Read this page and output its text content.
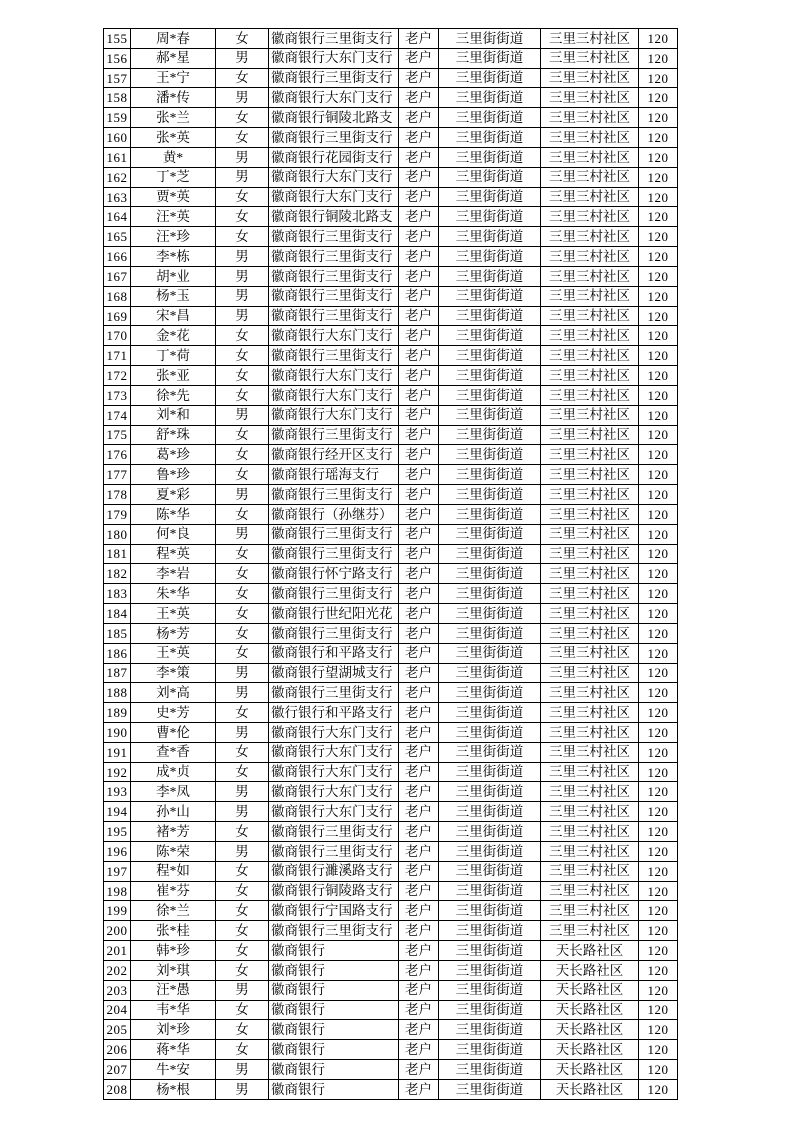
155	周*春	女	徽商银行三里街支行	老户	三里街街道	三里三村社区	120
156	郝*星	男	徽商银行大东门支行	老户	三里街街道	三里三村社区	120
157	王*宁	女	徽商银行三里街支行	老户	三里街街道	三里三村社区	120
158	潘*传	男	徽商银行大东门支行	老户	三里街街道	三里三村社区	120
159	张*兰	女	徽商银行铜陵北路支	老户	三里街街道	三里三村社区	120
160	张*英	女	徽商银行三里街支行	老户	三里街街道	三里三村社区	120
161	黄*	男	徽商银行花园街支行	老户	三里街街道	三里三村社区	120
162	丁*芝	男	徽商银行大东门支行	老户	三里街街道	三里三村社区	120
163	贾*英	女	徽商银行大东门支行	老户	三里街街道	三里三村社区	120
164	汪*英	女	徽商银行铜陵北路支	老户	三里街街道	三里三村社区	120
165	汪*珍	女	徽商银行三里街支行	老户	三里街街道	三里三村社区	120
166	李*栋	男	徽商银行三里街支行	老户	三里街街道	三里三村社区	120
167	胡*业	男	徽商银行三里街支行	老户	三里街街道	三里三村社区	120
168	杨*玉	男	徽商银行三里街支行	老户	三里街街道	三里三村社区	120
169	宋*昌	男	徽商银行三里街支行	老户	三里街街道	三里三村社区	120
170	金*花	女	徽商银行大东门支行	老户	三里街街道	三里三村社区	120
171	丁*荷	女	徽商银行三里街支行	老户	三里街街道	三里三村社区	120
172	张*亚	女	徽商银行大东门支行	老户	三里街街道	三里三村社区	120
173	徐*先	女	徽商银行大东门支行	老户	三里街街道	三里三村社区	120
174	刘*和	男	徽商银行大东门支行	老户	三里街街道	三里三村社区	120
175	舒*珠	女	徽商银行三里街支行	老户	三里街街道	三里三村社区	120
176	葛*珍	女	徽商银行经开区支行	老户	三里街街道	三里三村社区	120
177	鲁*珍	女	徽商银行瑶海支行	老户	三里街街道	三里三村社区	120
178	夏*彩	男	徽商银行三里街支行	老户	三里街街道	三里三村社区	120
179	陈*华	女	徽商银行（孙继芬）	老户	三里街街道	三里三村社区	120
180	何*良	男	徽商银行三里街支行	老户	三里街街道	三里三村社区	120
181	程*英	女	徽商银行三里街支行	老户	三里街街道	三里三村社区	120
182	李*岩	女	徽商银行怀宁路支行	老户	三里街街道	三里三村社区	120
183	朱*华	女	徽商银行三里街支行	老户	三里街街道	三里三村社区	120
184	王*英	女	徽商银行世纪阳光花	老户	三里街街道	三里三村社区	120
185	杨*芳	女	徽商银行三里街支行	老户	三里街街道	三里三村社区	120
186	王*英	女	徽商银行和平路支行	老户	三里街街道	三里三村社区	120
187	李*策	男	徽商银行望湖城支行	老户	三里街街道	三里三村社区	120
188	刘*高	男	徽商银行三里街支行	老户	三里街街道	三里三村社区	120
189	史*芳	女	徽行银行和平路支行	老户	三里街街道	三里三村社区	120
190	曹*伦	男	徽商银行大东门支行	老户	三里街街道	三里三村社区	120
191	查*香	女	徽商银行大东门支行	老户	三里街街道	三里三村社区	120
192	成*贞	女	徽商银行大东门支行	老户	三里街街道	三里三村社区	120
193	李*凤	男	徽商银行大东门支行	老户	三里街街道	三里三村社区	120
194	孙*山	男	徽商银行大东门支行	老户	三里街街道	三里三村社区	120
195	褚*芳	女	徽商银行三里街支行	老户	三里街街道	三里三村社区	120
196	陈*荣	男	徽商银行三里街支行	老户	三里街街道	三里三村社区	120
197	程*如	女	徽商银行濉溪路支行	老户	三里街街道	三里三村社区	120
198	崔*芬	女	徽商银行铜陵路支行	老户	三里街街道	三里三村社区	120
199	徐*兰	女	徽商银行宁国路支行	老户	三里街街道	三里三村社区	120
200	张*桂	女	徽商银行三里街支行	老户	三里街街道	三里三村社区	120
201	韩*珍	女	徽商银行	老户	三里街街道	天长路社区	120
202	刘*琪	女	徽商银行	老户	三里街街道	天长路社区	120
203	汪*愚	男	徽商银行	老户	三里街街道	天长路社区	120
204	韦*华	女	徽商银行	老户	三里街街道	天长路社区	120
205	刘*珍	女	徽商银行	老户	三里街街道	天长路社区	120
206	蒋*华	女	徽商银行	老户	三里街街道	天长路社区	120
207	牛*安	男	徽商银行	老户	三里街街道	天长路社区	120
208	杨*根	男	徽商银行	老户	三里街街道	天长路社区	120
